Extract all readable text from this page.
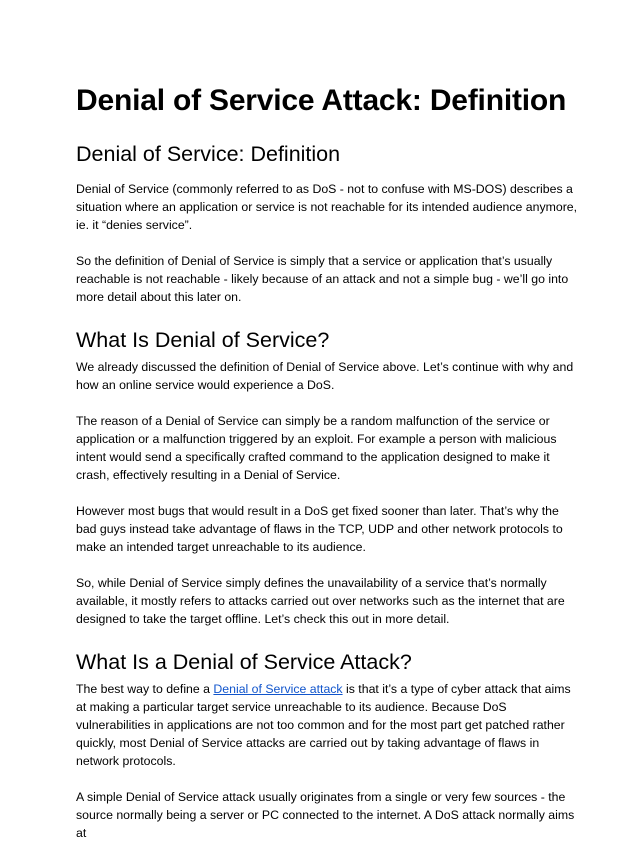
Denial of Service Attack: Definition
Denial of Service: Definition

Denial of Service (commonly referred to as DoS - not to confuse with MS-DOS) describes a situation where an application or service is not reachable for its intended audience anymore, ie. it “denies service”.

So the definition of Denial of Service is simply that a service or application that’s usually reachable is not reachable - likely because of an attack and not a simple bug - we’ll go into more detail about this later on.

What Is Denial of Service?

We already discussed the definition of Denial of Service above. Let’s continue with why and how an online service would experience a DoS.

The reason of a Denial of Service can simply be a random malfunction of the service or application or a malfunction triggered by an exploit. For example a person with malicious intent would send a specifically crafted command to the application designed to make it crash, effectively resulting in a Denial of Service.

However most bugs that would result in a DoS get fixed sooner than later. That’s why the bad guys instead take advantage of flaws in the TCP, UDP and other network protocols to make an intended target unreachable to its audience.

So, while Denial of Service simply defines the unavailability of a service that’s normally available, it mostly refers to attacks carried out over networks such as the internet that are designed to take the target offline. Let’s check this out in more detail.

What Is a Denial of Service Attack?

The best way to define a Denial of Service attack is that it’s a type of cyber attack that aims at making a particular target service unreachable to its audience. Because DoS vulnerabilities in applications are not too common and for the most part get patched rather quickly, most Denial of Service attacks are carried out by taking advantage of flaws in network protocols.

A simple Denial of Service attack usually originates from a single or very few sources - the source normally being a server or PC connected to the internet. A DoS attack normally aims at
